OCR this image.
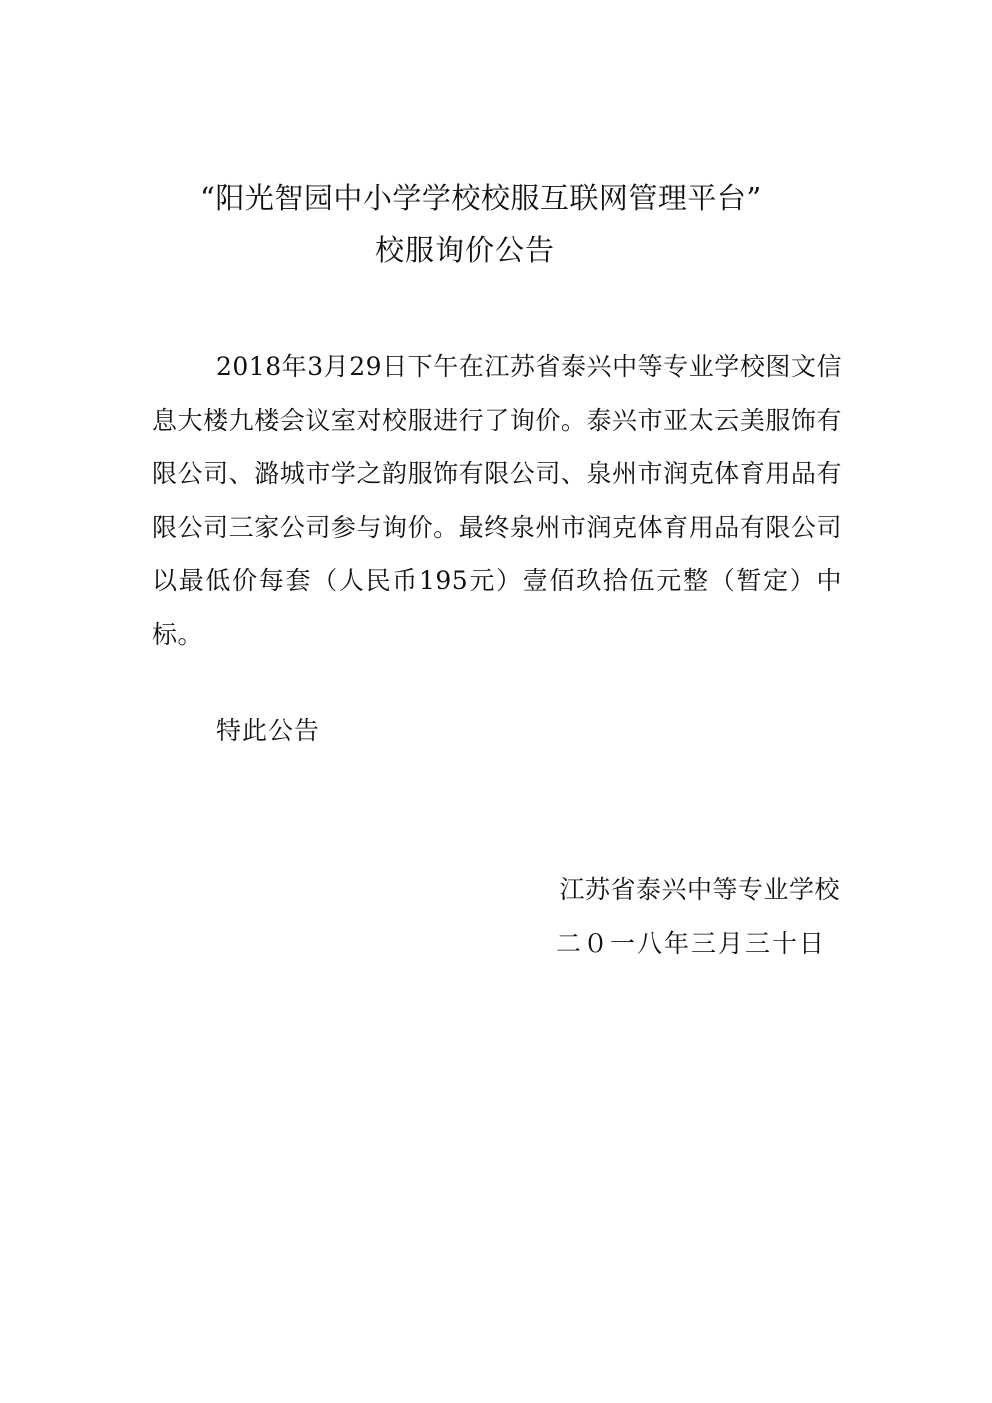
“阳光智园中小学学校校服互联网管理平台”
校服询价公告

2018年3月29日下午在江苏省泰兴中等专业学校图文信息大楼九楼会议室对校服进行了询价。泰兴市亚太云美服饰有限公司、潞城市学之韵服饰有限公司、泉州市润克体育用品有限公司三家公司参与询价。最终泉州市润克体育用品有限公司以最低价每套（人民币195元）壹佰玖拾伍元整（暂定）中标。

特此公告
江苏省泰兴中等专业学校
二０一八年三月三十日
